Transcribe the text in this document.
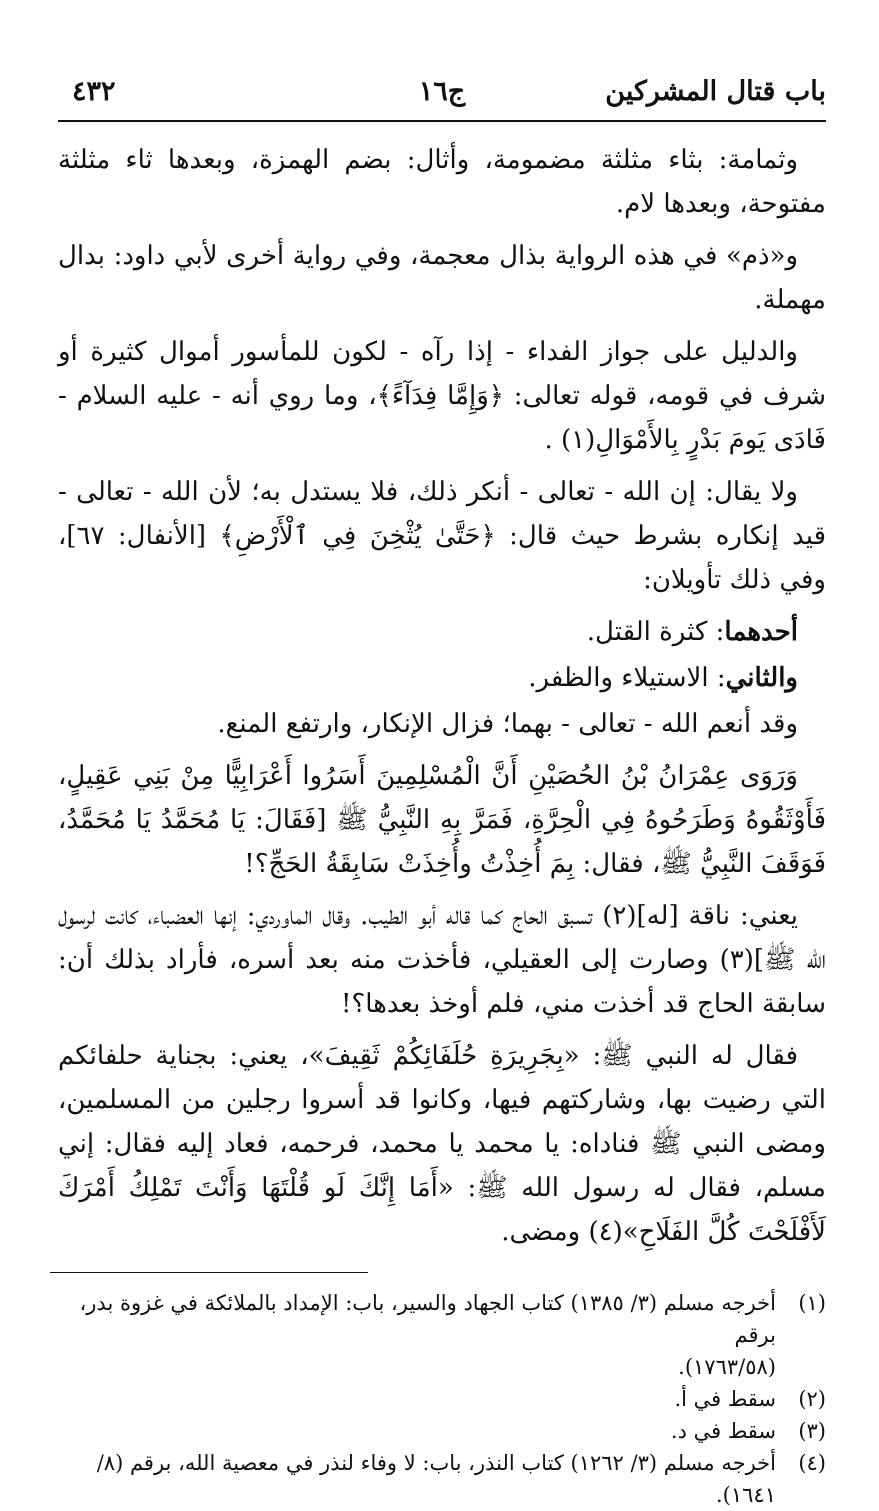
باب قتال المشركين
ج١٦
٤٣٢

وثمامة: بثاء مثلثة مضمومة، وأثال: بضم الهمزة، وبعدها ثاء مثلثة مفتوحة، وبعدها لام.

و«ذم» في هذه الرواية بذال معجمة، وفي رواية أخرى لأبي داود: بدال مهملة.

والدليل على جواز الفداء - إذا رآه - لكون للمأسور أموال كثيرة أو شرف في قومه، قوله تعالى: ﴿وَإِمَّا فِدَآءً﴾، وما روي أنه - عليه السلام - فَادَى يَومَ بَدْرٍ بِالأَمْوَالِ(١) .

ولا يقال: إن الله - تعالى - أنكر ذلك، فلا يستدل به؛ لأن الله - تعالى - قيد إنكاره بشرط حيث قال: ﴿حَتَّىٰ يُثْخِنَ فِي ٱلْأَرْضِ﴾ [الأنفال: ٦٧]، وفي ذلك تأويلان:

أحدهما: كثرة القتل.

والثاني: الاستيلاء والظفر.

وقد أنعم الله - تعالى - بهما؛ فزال الإنكار، وارتفع المنع.

وَرَوَى عِمْرَانُ بْنُ الحُصَيْنِ أَنَّ الْمُسْلِمِينَ أَسَرُوا أَعْرَابِيًّا مِنْ بَنِي عَقِيلٍ، فَأَوْثَقُوهُ وَطَرَحُوهُ فِي الْحِرَّةِ، فَمَرَّ بِهِ النَّبِيُّ ﷺ [فَقَالَ: يَا مُحَمَّدُ يَا مُحَمَّدُ، فَوَقَفَ النَّبِيُّ ﷺ، فقال: بِمَ أُخِذْتُ وأُخِذَتْ سَابِقَةُ الحَجِّ؟!

يعني: ناقة [له](٢) تسبق الحاج كما قاله أبو الطيب. وقال الماوردي: إنها العضباء، كانت لرسول الله ﷺ](٣) وصارت إلى العقيلي، فأخذت منه بعد أسره، فأراد بذلك أن: سابقة الحاج قد أخذت مني، فلم أوخذ بعدها؟!

فقال له النبي ﷺ: «بِجَرِيرَةِ حُلَفَائِكُمْ ثَقِيفَ»، يعني: بجناية حلفائكم التي رضيت بها، وشاركتهم فيها، وكانوا قد أسروا رجلين من المسلمين، ومضى النبي ﷺ فناداه: يا محمد يا محمد، فرحمه، فعاد إليه فقال: إني مسلم، فقال له رسول الله ﷺ: «أَمَا إِنَّكَ لَو قُلْتَهَا وَأَنْتَ تَمْلِكُ أَمْرَكَ لَأَفْلَحْتَ كُلَّ الفَلَاحِ»(٤) ومضى.

(١)
أخرجه مسلم (٣/ ١٣٨٥) كتاب الجهاد والسير، باب: الإمداد بالملائكة في غزوة بدر، برقم
(١٧٦٣/٥٨).
(٢)
سقط في أ.
(٣)
سقط في د.
(٤)
أخرجه مسلم (٣/ ١٢٦٢) كتاب النذر، باب: لا وفاء لنذر في معصية الله، برقم (٨/ ١٦٤١).
